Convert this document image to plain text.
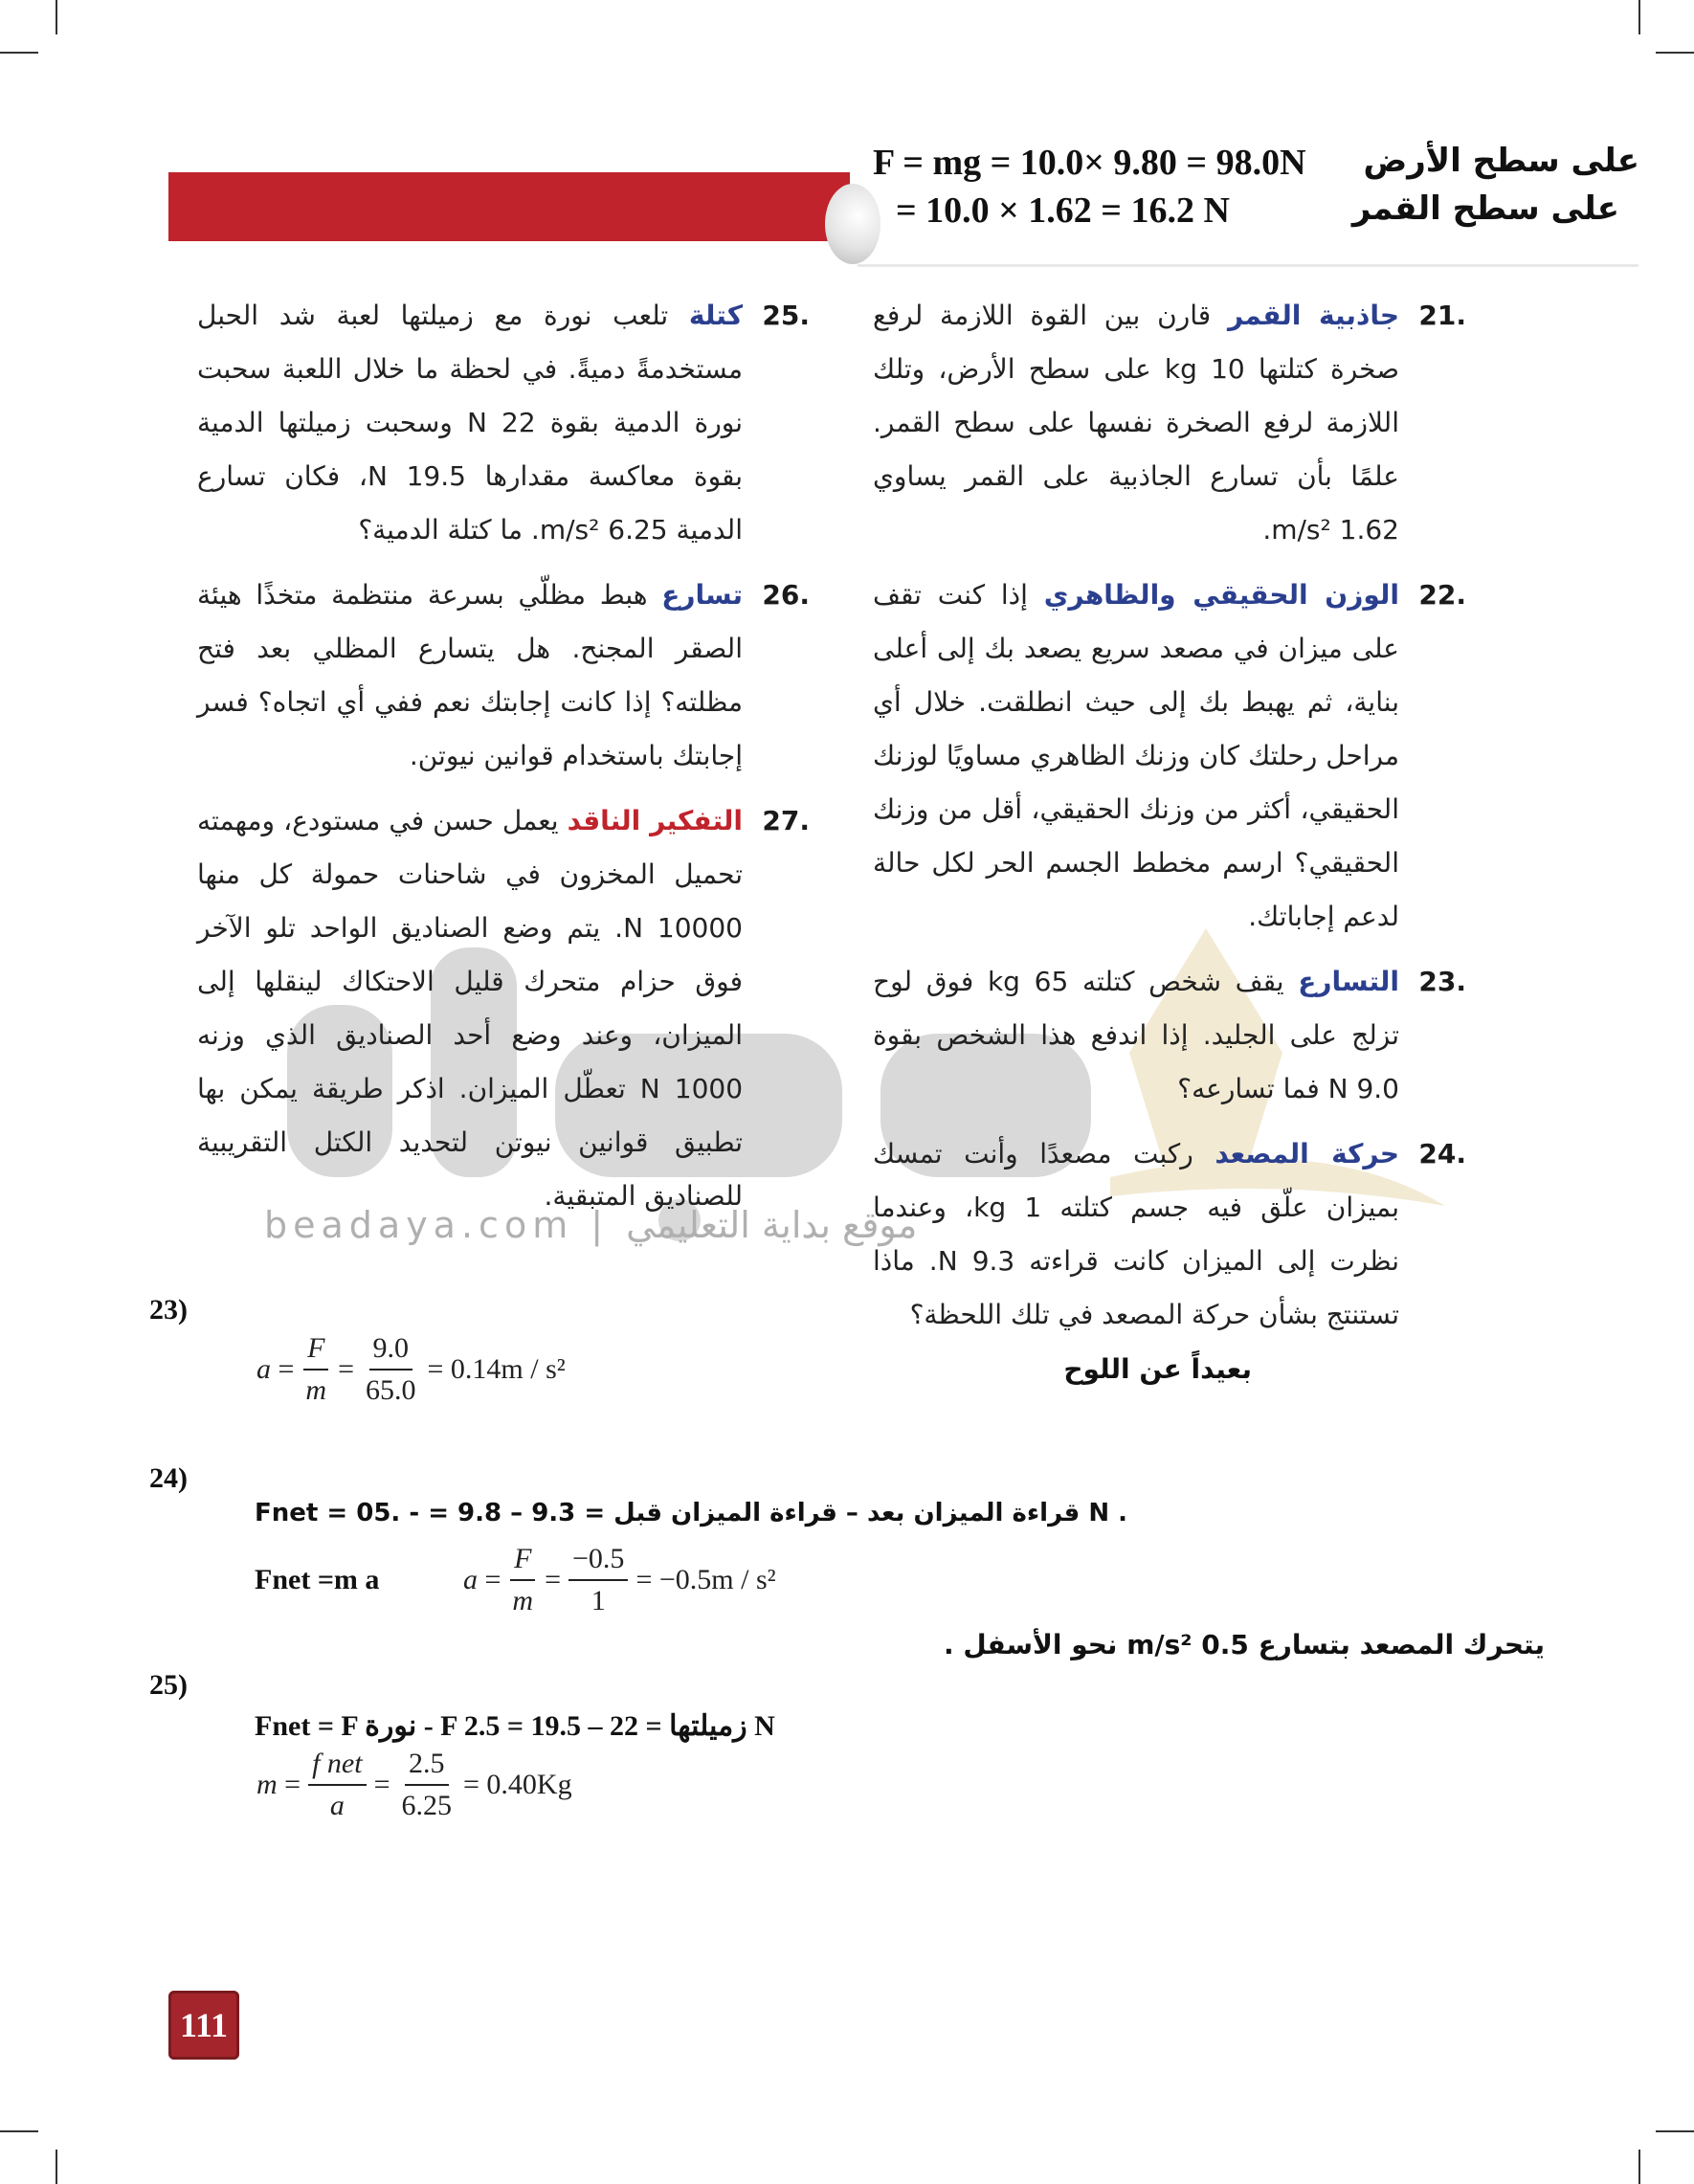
F = mg = 10.0× 9.80 = 98.0N
= 10.0 × 1.62 = 16.2 N
على سطح الأرض
على سطح القمر
beadaya.com | موقع بداية التعليمي
21.
جاذبية القمر قارن بين القوة اللازمة لرفع صخرة كتلتها 10 kg على سطح الأرض، وتلك اللازمة لرفع الصخرة نفسها على سطح القمر. علمًا بأن تسارع الجاذبية على القمر يساوي 1.62 m/s².
22.
الوزن الحقيقي والظاهري إذا كنت تقف على ميزان في مصعد سريع يصعد بك إلى أعلى بناية، ثم يهبط بك إلى حيث انطلقت. خلال أي مراحل رحلتك كان وزنك الظاهري مساويًا لوزنك الحقيقي، أكثر من وزنك الحقيقي، أقل من وزنك الحقيقي؟ ارسم مخطط الجسم الحر لكل حالة لدعم إجاباتك.
23.
التسارع يقف شخص كتلته 65 kg فوق لوح تزلج على الجليد. إذا اندفع هذا الشخص بقوة 9.0 N فما تسارعه؟
24.
حركة المصعد ركبت مصعدًا وأنت تمسك بميزان علّق فيه جسم كتلته 1 kg، وعندما نظرت إلى الميزان كانت قراءته 9.3 N. ماذا تستنتج بشأن حركة المصعد في تلك اللحظة؟
25.
كتلة تلعب نورة مع زميلتها لعبة شد الحبل مستخدمةً دميةً. في لحظة ما خلال اللعبة سحبت نورة الدمية بقوة 22 N وسحبت زميلتها الدمية بقوة معاكسة مقدارها 19.5 N، فكان تسارع الدمية 6.25 m/s². ما كتلة الدمية؟
26.
تسارع هبط مظلّي بسرعة منتظمة متخذًا هيئة الصقر المجنح. هل يتسارع المظلي بعد فتح مظلته؟ إذا كانت إجابتك نعم ففي أي اتجاه؟ فسر إجابتك باستخدام قوانين نيوتن.
27.
التفكير الناقد يعمل حسن في مستودع، ومهمته تحميل المخزون في شاحنات حمولة كل منها 10000 N. يتم وضع الصناديق الواحد تلو الآخر فوق حزام متحرك قليل الاحتكاك لينقلها إلى الميزان، وعند وضع أحد الصناديق الذي وزنه 1000 N تعطّل الميزان. اذكر طريقة يمكن بها تطبيق قوانين نيوتن لتحديد الكتل التقريبية للصناديق المتبقية.
23)
$a = \frac{F}{m} = \frac{9.0}{65.0} = 0.14m / s^2$	بعيداً عن اللوح
24)
Fnet = قراءة الميزان بعد – قراءة الميزان قبل = 9.3 – 9.8 = - .05 N .
Fnet =m a	$a = \frac{F}{m} = \frac{-0.5}{1} = -0.5m / s^2$
يتحرك المصعد بتسارع 0.5 m/s² نحو الأسفل .
25)
Fnet = F نورة - F زميلتها = 22 – 19.5 = 2.5 N
$m = \frac{\text{f net}}{a} = \frac{2.5}{6.25} = 0.40Kg$
111
